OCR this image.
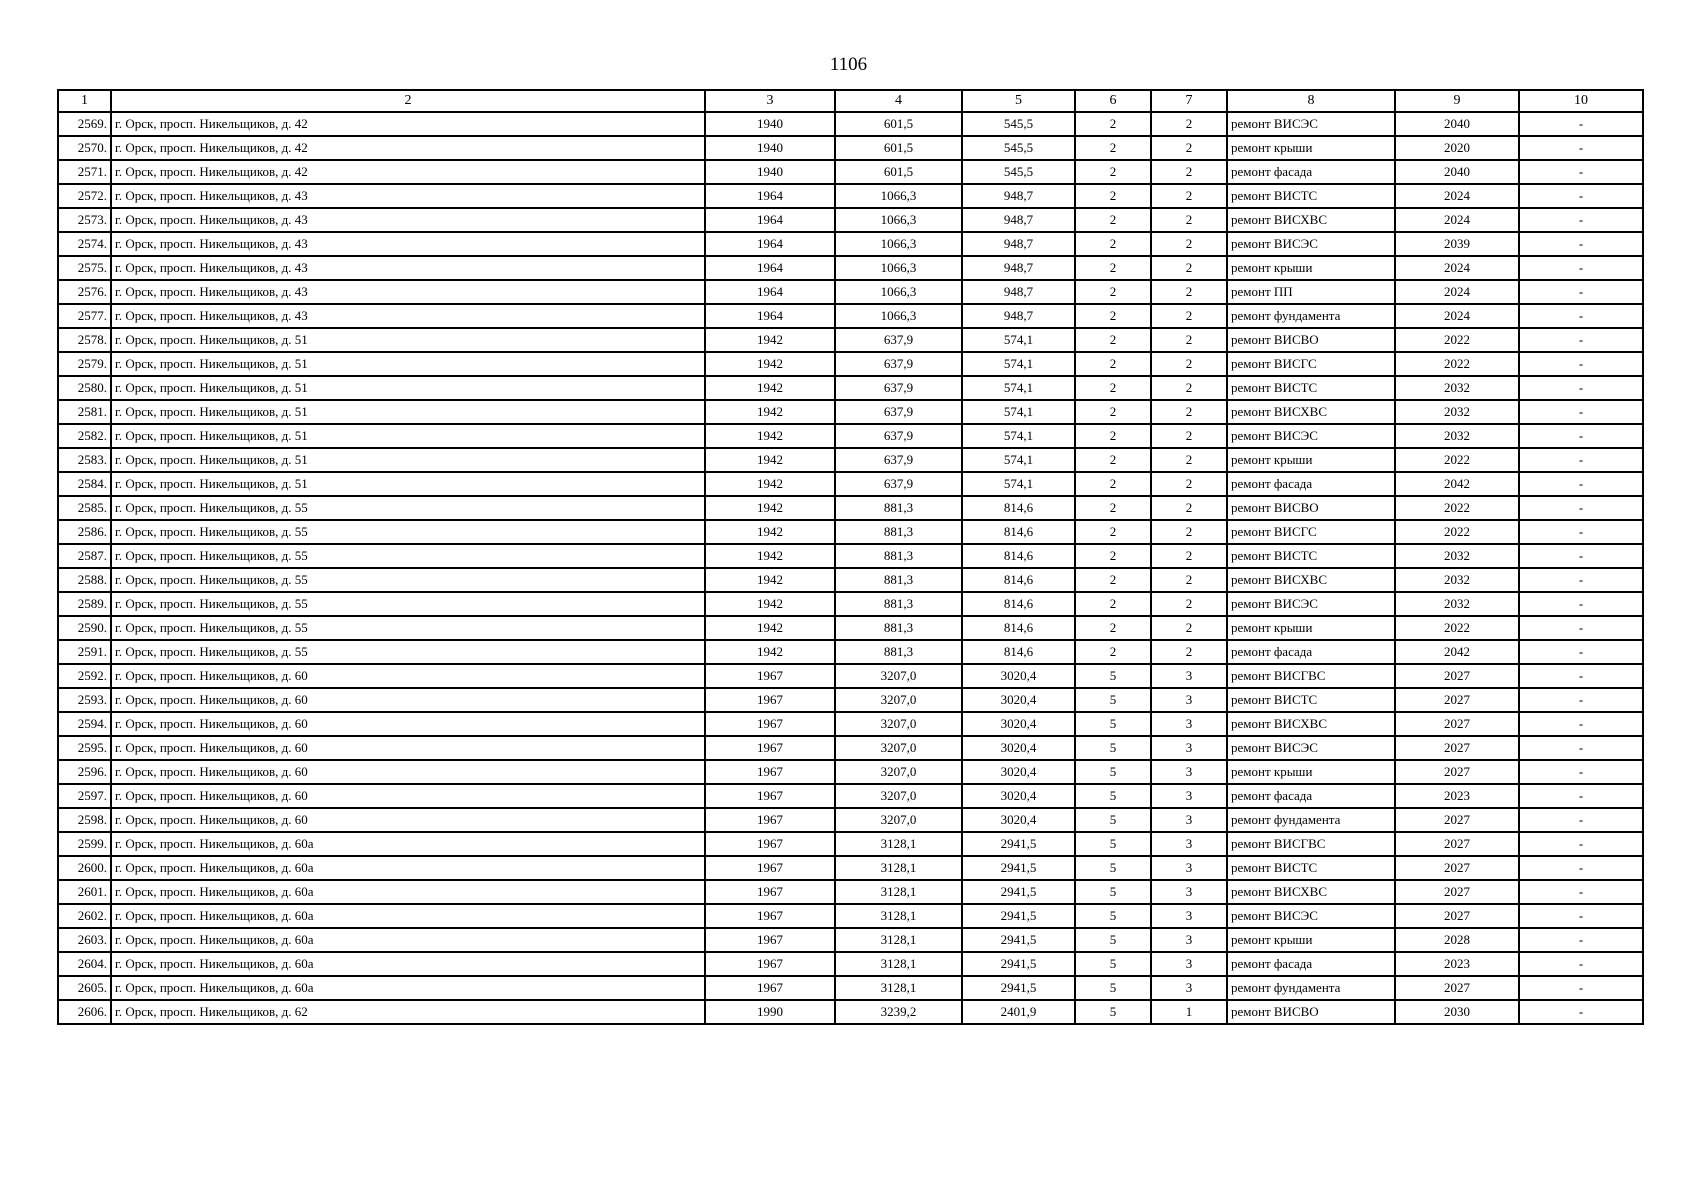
1106
1	2	3	4	5	6	7	8	9	10
2569.	г. Орск, просп. Никельщиков, д. 42	1940	601,5	545,5	2	2	ремонт ВИСЭС	2040	-
2570.	г. Орск, просп. Никельщиков, д. 42	1940	601,5	545,5	2	2	ремонт крыши	2020	-
2571.	г. Орск, просп. Никельщиков, д. 42	1940	601,5	545,5	2	2	ремонт фасада	2040	-
2572.	г. Орск, просп. Никельщиков, д. 43	1964	1066,3	948,7	2	2	ремонт ВИСТС	2024	-
2573.	г. Орск, просп. Никельщиков, д. 43	1964	1066,3	948,7	2	2	ремонт ВИСХВС	2024	-
2574.	г. Орск, просп. Никельщиков, д. 43	1964	1066,3	948,7	2	2	ремонт ВИСЭС	2039	-
2575.	г. Орск, просп. Никельщиков, д. 43	1964	1066,3	948,7	2	2	ремонт крыши	2024	-
2576.	г. Орск, просп. Никельщиков, д. 43	1964	1066,3	948,7	2	2	ремонт ПП	2024	-
2577.	г. Орск, просп. Никельщиков, д. 43	1964	1066,3	948,7	2	2	ремонт фундамента	2024	-
2578.	г. Орск, просп. Никельщиков, д. 51	1942	637,9	574,1	2	2	ремонт ВИСВО	2022	-
2579.	г. Орск, просп. Никельщиков, д. 51	1942	637,9	574,1	2	2	ремонт ВИСГС	2022	-
2580.	г. Орск, просп. Никельщиков, д. 51	1942	637,9	574,1	2	2	ремонт ВИСТС	2032	-
2581.	г. Орск, просп. Никельщиков, д. 51	1942	637,9	574,1	2	2	ремонт ВИСХВС	2032	-
2582.	г. Орск, просп. Никельщиков, д. 51	1942	637,9	574,1	2	2	ремонт ВИСЭС	2032	-
2583.	г. Орск, просп. Никельщиков, д. 51	1942	637,9	574,1	2	2	ремонт крыши	2022	-
2584.	г. Орск, просп. Никельщиков, д. 51	1942	637,9	574,1	2	2	ремонт фасада	2042	-
2585.	г. Орск, просп. Никельщиков, д. 55	1942	881,3	814,6	2	2	ремонт ВИСВО	2022	-
2586.	г. Орск, просп. Никельщиков, д. 55	1942	881,3	814,6	2	2	ремонт ВИСГС	2022	-
2587.	г. Орск, просп. Никельщиков, д. 55	1942	881,3	814,6	2	2	ремонт ВИСТС	2032	-
2588.	г. Орск, просп. Никельщиков, д. 55	1942	881,3	814,6	2	2	ремонт ВИСХВС	2032	-
2589.	г. Орск, просп. Никельщиков, д. 55	1942	881,3	814,6	2	2	ремонт ВИСЭС	2032	-
2590.	г. Орск, просп. Никельщиков, д. 55	1942	881,3	814,6	2	2	ремонт крыши	2022	-
2591.	г. Орск, просп. Никельщиков, д. 55	1942	881,3	814,6	2	2	ремонт фасада	2042	-
2592.	г. Орск, просп. Никельщиков, д. 60	1967	3207,0	3020,4	5	3	ремонт ВИСГВС	2027	-
2593.	г. Орск, просп. Никельщиков, д. 60	1967	3207,0	3020,4	5	3	ремонт ВИСТС	2027	-
2594.	г. Орск, просп. Никельщиков, д. 60	1967	3207,0	3020,4	5	3	ремонт ВИСХВС	2027	-
2595.	г. Орск, просп. Никельщиков, д. 60	1967	3207,0	3020,4	5	3	ремонт ВИСЭС	2027	-
2596.	г. Орск, просп. Никельщиков, д. 60	1967	3207,0	3020,4	5	3	ремонт крыши	2027	-
2597.	г. Орск, просп. Никельщиков, д. 60	1967	3207,0	3020,4	5	3	ремонт фасада	2023	-
2598.	г. Орск, просп. Никельщиков, д. 60	1967	3207,0	3020,4	5	3	ремонт фундамента	2027	-
2599.	г. Орск, просп. Никельщиков, д. 60а	1967	3128,1	2941,5	5	3	ремонт ВИСГВС	2027	-
2600.	г. Орск, просп. Никельщиков, д. 60а	1967	3128,1	2941,5	5	3	ремонт ВИСТС	2027	-
2601.	г. Орск, просп. Никельщиков, д. 60а	1967	3128,1	2941,5	5	3	ремонт ВИСХВС	2027	-
2602.	г. Орск, просп. Никельщиков, д. 60а	1967	3128,1	2941,5	5	3	ремонт ВИСЭС	2027	-
2603.	г. Орск, просп. Никельщиков, д. 60а	1967	3128,1	2941,5	5	3	ремонт крыши	2028	-
2604.	г. Орск, просп. Никельщиков, д. 60а	1967	3128,1	2941,5	5	3	ремонт фасада	2023	-
2605.	г. Орск, просп. Никельщиков, д. 60а	1967	3128,1	2941,5	5	3	ремонт фундамента	2027	-
2606.	г. Орск, просп. Никельщиков, д. 62	1990	3239,2	2401,9	5	1	ремонт ВИСВО	2030	-
